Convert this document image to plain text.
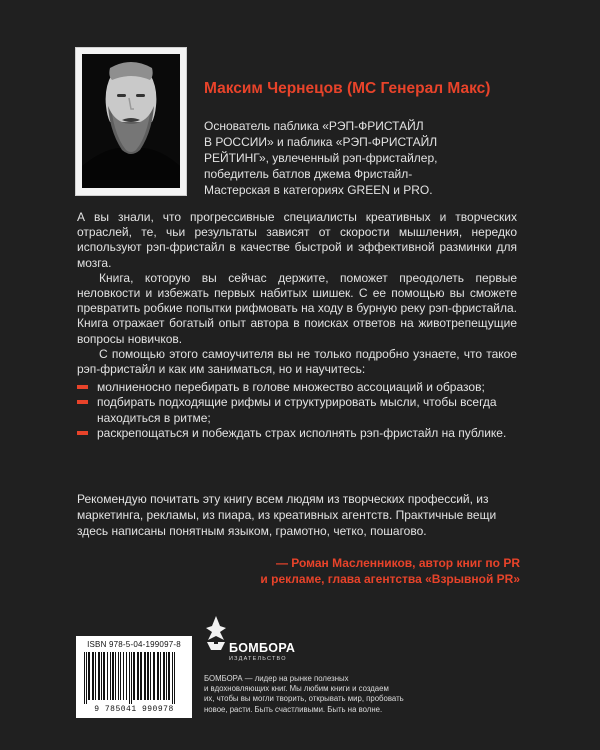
Максим Чернецов (МС Генерал Макс)
Основатель паблика «РЭП-ФРИСТАЙЛ
В РОССИИ» и паблика «РЭП-ФРИСТАЙЛ
РЕЙТИНГ», увлеченный рэп-фристайлер,
победитель батлов джема Фристайл-
Мастерская в категориях GREEN и PRO.

А вы знали, что прогрессивные специалисты креативных и творческих отраслей, те, чьи результаты зависят от скорости мышления, нередко используют рэп-фристайл в качестве быстрой и эффективной разминки для мозга.

Книга, которую вы сейчас держите, поможет преодолеть первые неловкости и избежать первых набитых шишек. С ее помощью вы сможете превратить робкие попытки рифмовать на ходу в бурную реку рэп-фристайла. Книга отражает богатый опыт автора в поисках ответов на животрепещущие вопросы новичков.

С помощью этого самоучителя вы не только подробно узнаете, что такое рэп-фристайл и как им заниматься, но и научитесь:

молниеносно перебирать в голове множество ассоциаций и образов;
подбирать подходящие рифмы и структурировать мысли, чтобы всегда находиться в ритме;
раскрепощаться и побеждать страх исполнять рэп-фристайл на публике.

Рекомендую почитать эту книгу всем людям из творческих профессий, из маркетинга, рекламы, из пиара, из креативных агентств. Практичные вещи здесь написаны понятным языком, грамотно, четко, пошагово.

— Роман Масленников, автор книг по PR
и рекламе, глава агентства «Взрывной PR»
ISBN 978-5-04-199097-8
9 785041 990978
БОМБОРА
ИЗДАТЕЛЬСТВО
БОМБОРА — лидер на рынке полезных
и вдохновляющих книг. Мы любим книги и создаем
их, чтобы вы могли творить, открывать мир, пробовать
новое, расти. Быть счастливыми. Быть на волне.
